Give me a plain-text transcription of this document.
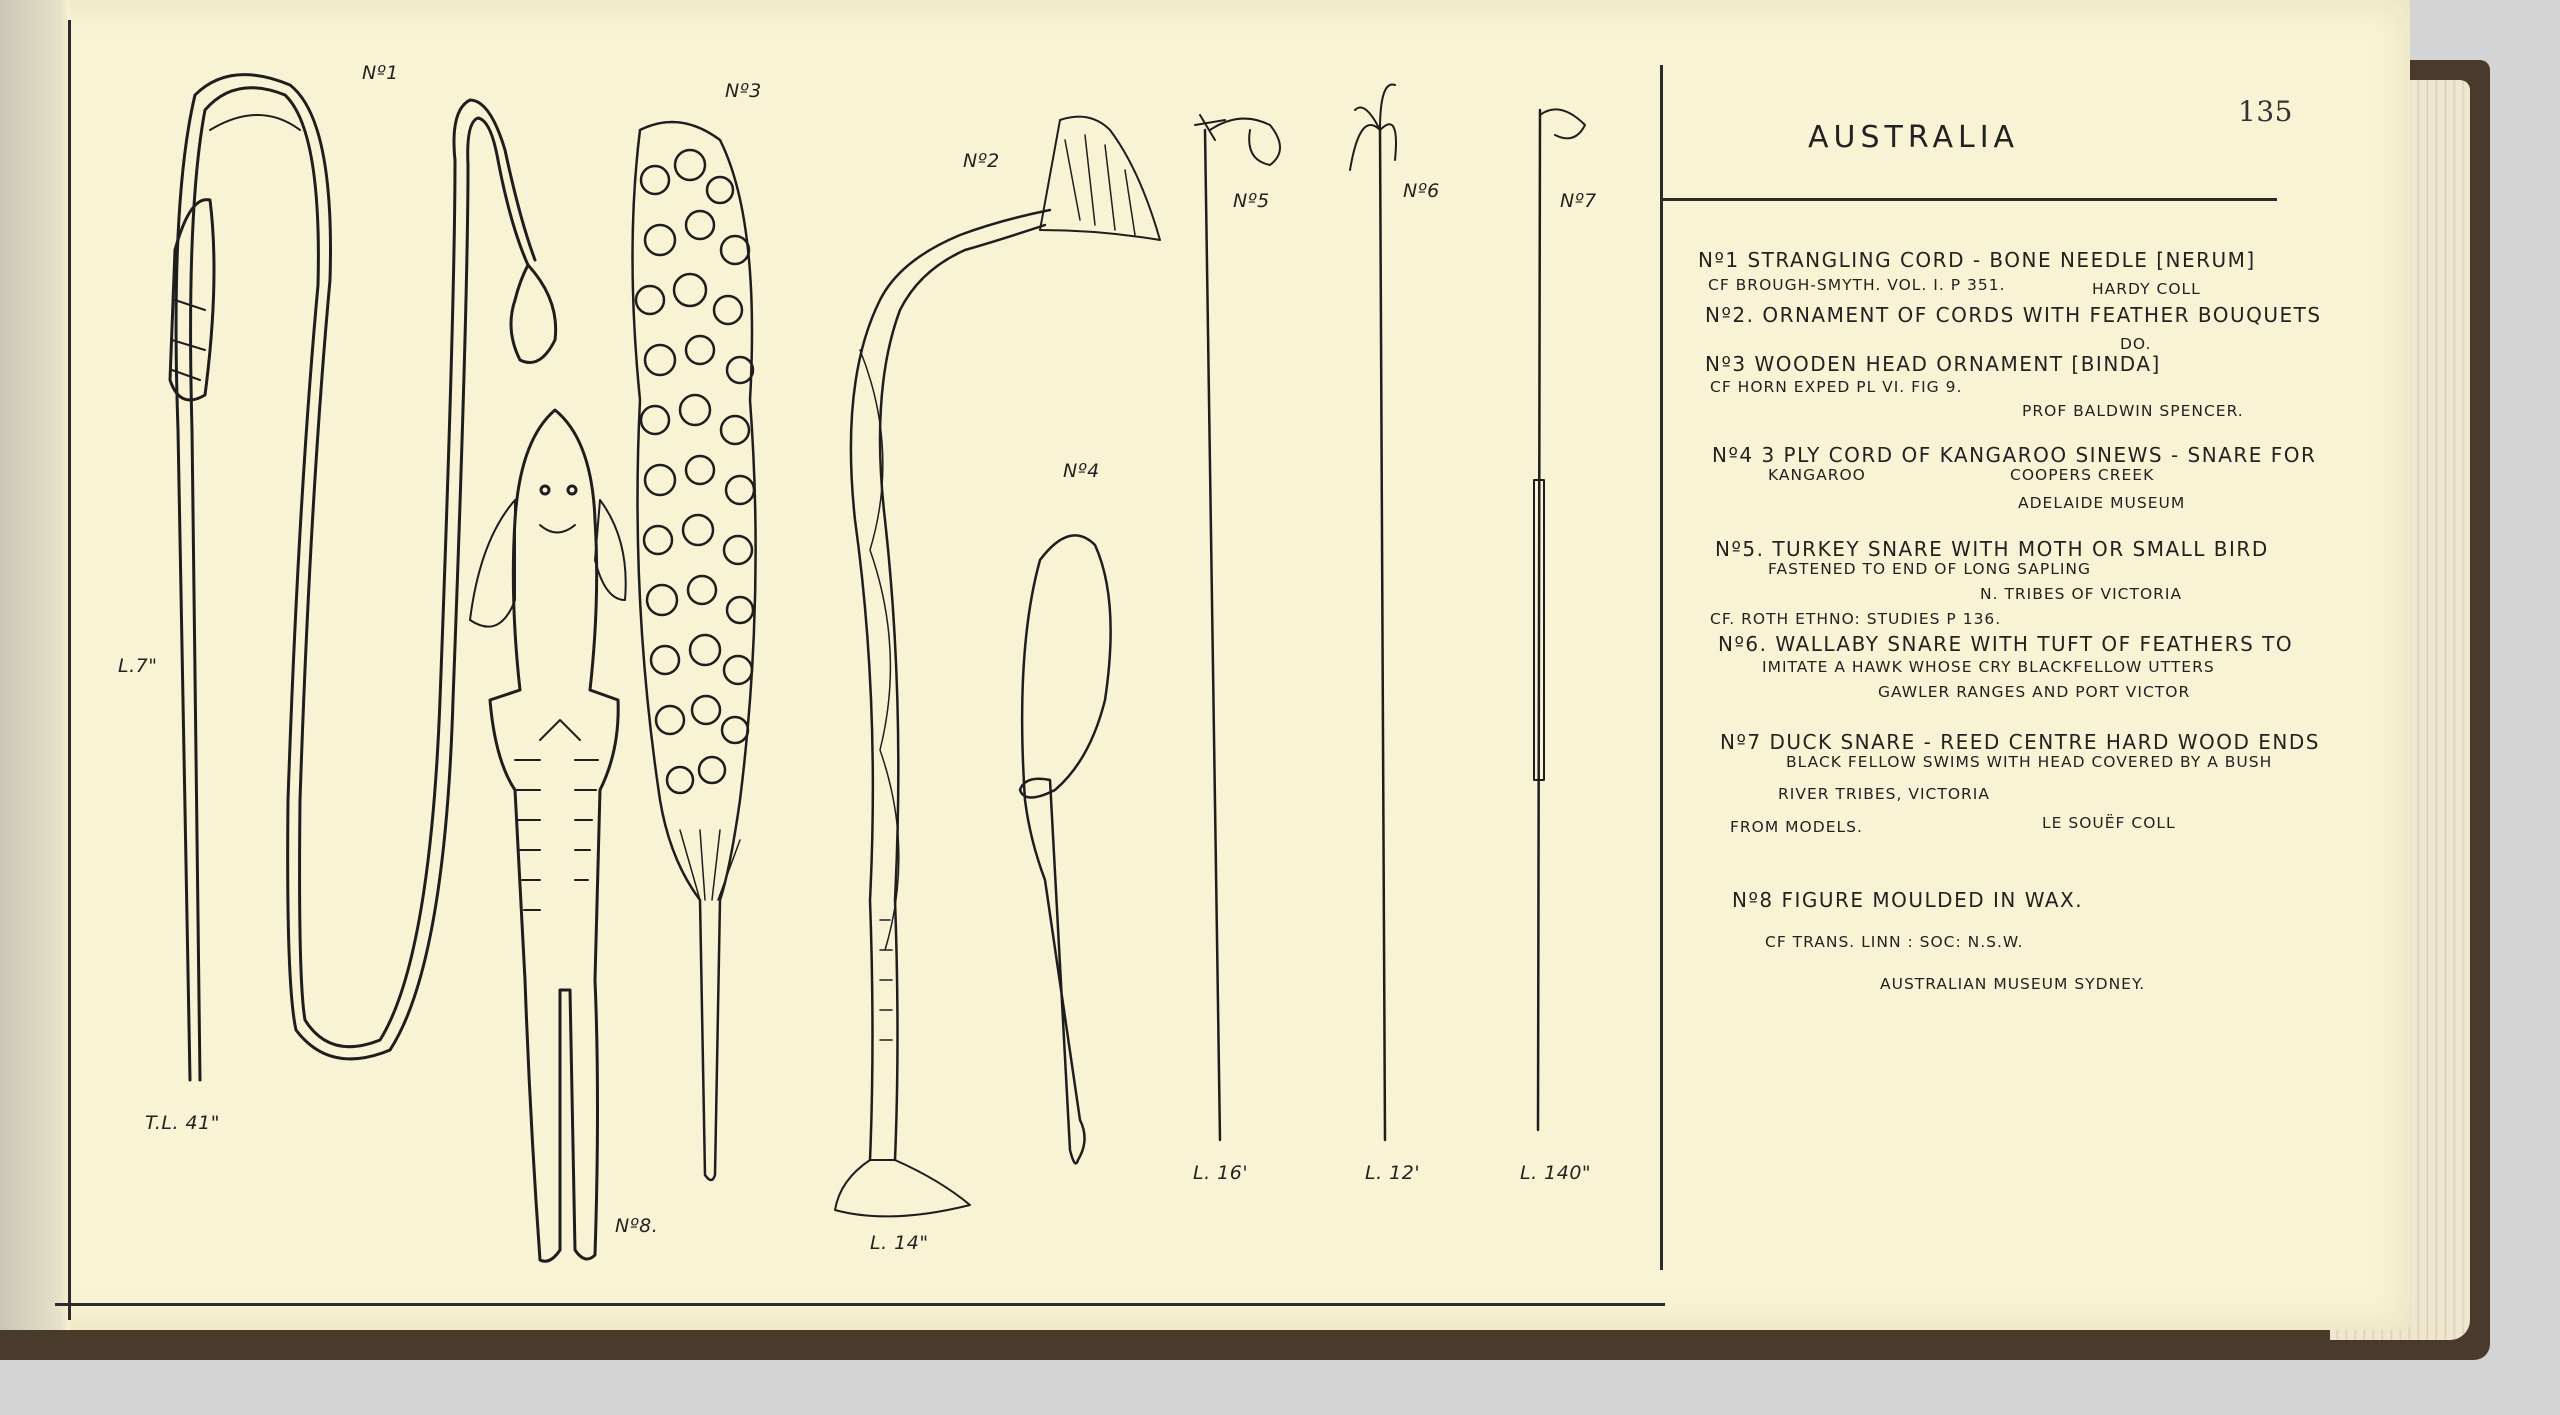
Nº1
Nº3
Nº2
Nº5	Nº6	Nº7
Nº4
Nº8.
L.7"
T.L. 41"
L. 14"
L. 16'	L. 12'	L. 140"
135
AUSTRALIA
Nº1 STRANGLING CORD - BONE NEEDLE [NERUM]
CF BROUGH-SMYTH. VOL. I. P 351.	HARDY COLL
Nº2. ORNAMENT OF CORDS WITH FEATHER BOUQUETS
DO.
Nº3 WOODEN HEAD ORNAMENT [BINDA]
CF HORN EXPED PL VI. FIG 9.
PROF BALDWIN SPENCER.
Nº4 3 PLY CORD OF KANGAROO SINEWS - SNARE FOR
KANGAROO	COOPERS CREEK
ADELAIDE MUSEUM
Nº5. TURKEY SNARE WITH MOTH OR SMALL BIRD
FASTENED TO END OF LONG SAPLING
N. TRIBES OF VICTORIA
CF. ROTH ETHNO: STUDIES P 136.
Nº6. WALLABY SNARE WITH TUFT OF FEATHERS TO
IMITATE A HAWK WHOSE CRY BLACKFELLOW UTTERS
GAWLER RANGES AND PORT VICTOR
Nº7 DUCK SNARE - REED CENTRE HARD WOOD ENDS
BLACK FELLOW SWIMS WITH HEAD COVERED BY A BUSH
RIVER TRIBES, VICTORIA
FROM MODELS.	LE SOUËF COLL
Nº8 FIGURE MOULDED IN WAX.
CF TRANS. LINN : SOC: N.S.W.
AUSTRALIAN MUSEUM SYDNEY.
